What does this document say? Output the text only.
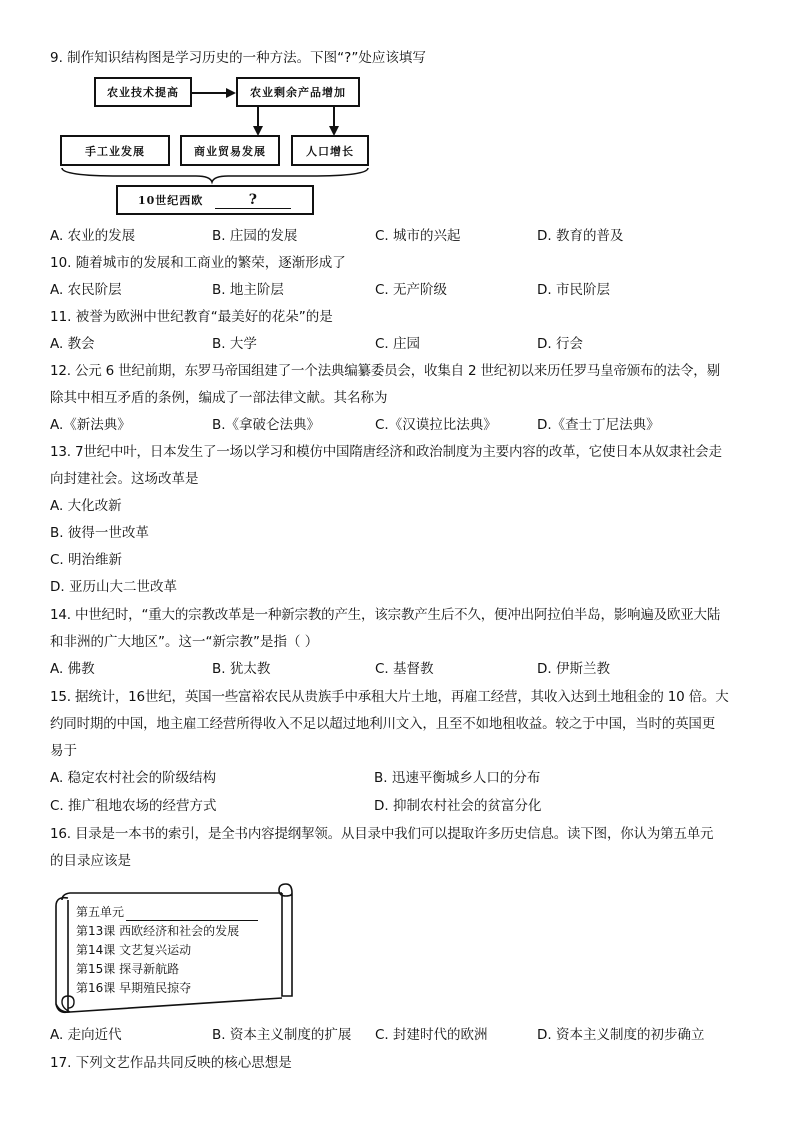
9. 制作知识结构图是学习历史的一种方法。下图“?”处应该填写
农业技术提高	农业剩余产品增加
手工业发展	商业贸易发展	人口增长
10世纪西欧	?
A. 农业的发展	B. 庄园的发展	C. 城市的兴起	D. 教育的普及
10. 随着城市的发展和工商业的繁荣，逐渐形成了
A. 农民阶层	B. 地主阶层	C. 无产阶级	D. 市民阶层
11. 被誉为欧洲中世纪教育“最美好的花朵”的是
A. 教会	B. 大学	C. 庄园	D. 行会
12. 公元 6 世纪前期，东罗马帝国组建了一个法典编纂委员会，收集自 2 世纪初以来历任罗马皇帝颁布的法令，剔
除其中相互矛盾的条例，编成了一部法律文献。其名称为
A.《新法典》	B.《拿破仑法典》	C.《汉谟拉比法典》	D.《查士丁尼法典》
13. 7世纪中叶，日本发生了一场以学习和模仿中国隋唐经济和政治制度为主要内容的改革，它使日本从奴隶社会走
向封建社会。这场改革是
A. 大化改新
B. 彼得一世改革
C. 明治维新
D. 亚历山大二世改革
14. 中世纪时，“重大的宗教改革是一种新宗教的产生，该宗教产生后不久，便冲出阿拉伯半岛，影响遍及欧亚大陆
和非洲的广大地区”。这一“新宗教”是指（ ）
A. 佛教	B. 犹太教	C. 基督教	D. 伊斯兰教
15. 据统计，16世纪，英国一些富裕农民从贵族手中承租大片土地，再雇工经营，其收入达到土地租金的 10 倍。大
约同时期的中国，地主雇工经营所得收入不足以超过地利川文入，且至不如地租收益。较之于中国，当时的英国更
易于
A. 稳定农村社会的阶级结构	B. 迅速平衡城乡人口的分布
C. 推广租地农场的经营方式	D. 抑制农村社会的贫富分化
16. 目录是一本书的索引，是全书内容提纲挈领。从目录中我们可以提取许多历史信息。读下图，你认为第五单元
的目录应该是
第五单元
第13课 西欧经济和社会的发展
第14课 文艺复兴运动
第15课 探寻新航路
第16课 早期殖民掠夺
A. 走向近代	B. 资本主义制度的扩展 C. 封建时代的欧洲	D. 资本主义制度的初步确立
17. 下列文艺作品共同反映的核心思想是
